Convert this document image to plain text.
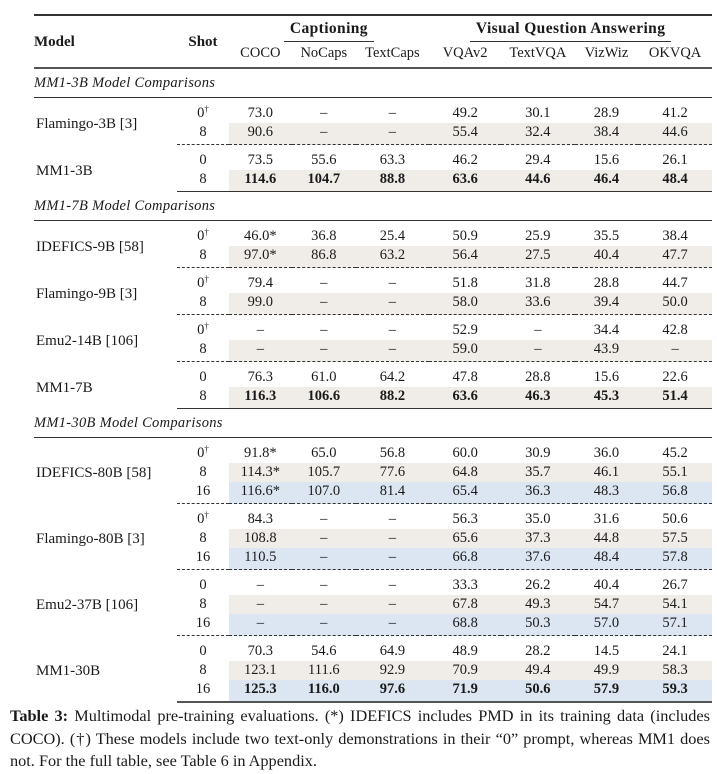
Model	Shot	Captioning			Visual Question Answering			
		COCO	NoCaps	TextCaps	VQAv2	TextVQA	VizWiz	OKVQA
MM1-3B Model Comparisons								
Flamingo-3B [3]	0†	73.0	–	–	49.2	30.1	28.9	41.2
	8	90.6	–	–	55.4	32.4	38.4	44.6
MM1-3B	0	73.5	55.6	63.3	46.2	29.4	15.6	26.1
	8	114.6	104.7	88.8	63.6	44.6	46.4	48.4
MM1-7B Model Comparisons								
IDEFICS-9B [58]	0†	46.0*	36.8	25.4	50.9	25.9	35.5	38.4
	8	97.0*	86.8	63.2	56.4	27.5	40.4	47.7
Flamingo-9B [3]	0†	79.4	–	–	51.8	31.8	28.8	44.7
	8	99.0	–	–	58.0	33.6	39.4	50.0
Emu2-14B [106]	0†	–	–	–	52.9	–	34.4	42.8
	8	–	–	–	59.0	–	43.9	–
MM1-7B	0	76.3	61.0	64.2	47.8	28.8	15.6	22.6
	8	116.3	106.6	88.2	63.6	46.3	45.3	51.4
MM1-30B Model Comparisons								
IDEFICS-80B [58]	0†	91.8*	65.0	56.8	60.0	30.9	36.0	45.2
	8	114.3*	105.7	77.6	64.8	35.7	46.1	55.1
	16	116.6*	107.0	81.4	65.4	36.3	48.3	56.8
Flamingo-80B [3]	0†	84.3	–	–	56.3	35.0	31.6	50.6
	8	108.8	–	–	65.6	37.3	44.8	57.5
	16	110.5	–	–	66.8	37.6	48.4	57.8
Emu2-37B [106]	0	–	–	–	33.3	26.2	40.4	26.7
	8	–	–	–	67.8	49.3	54.7	54.1
	16	–	–	–	68.8	50.3	57.0	57.1
MM1-30B	0	70.3	54.6	64.9	48.9	28.2	14.5	24.1
	8	123.1	111.6	92.9	70.9	49.4	49.9	58.3
	16	125.3	116.0	97.6	71.9	50.6	57.9	59.3
Table 3: Multimodal pre-training evaluations. (*) IDEFICS includes PMD in its training data (includes COCO). (†) These models include two text-only demonstrations in their “0” prompt, whereas MM1 does not. For the full table, see Table 6 in Appendix.
